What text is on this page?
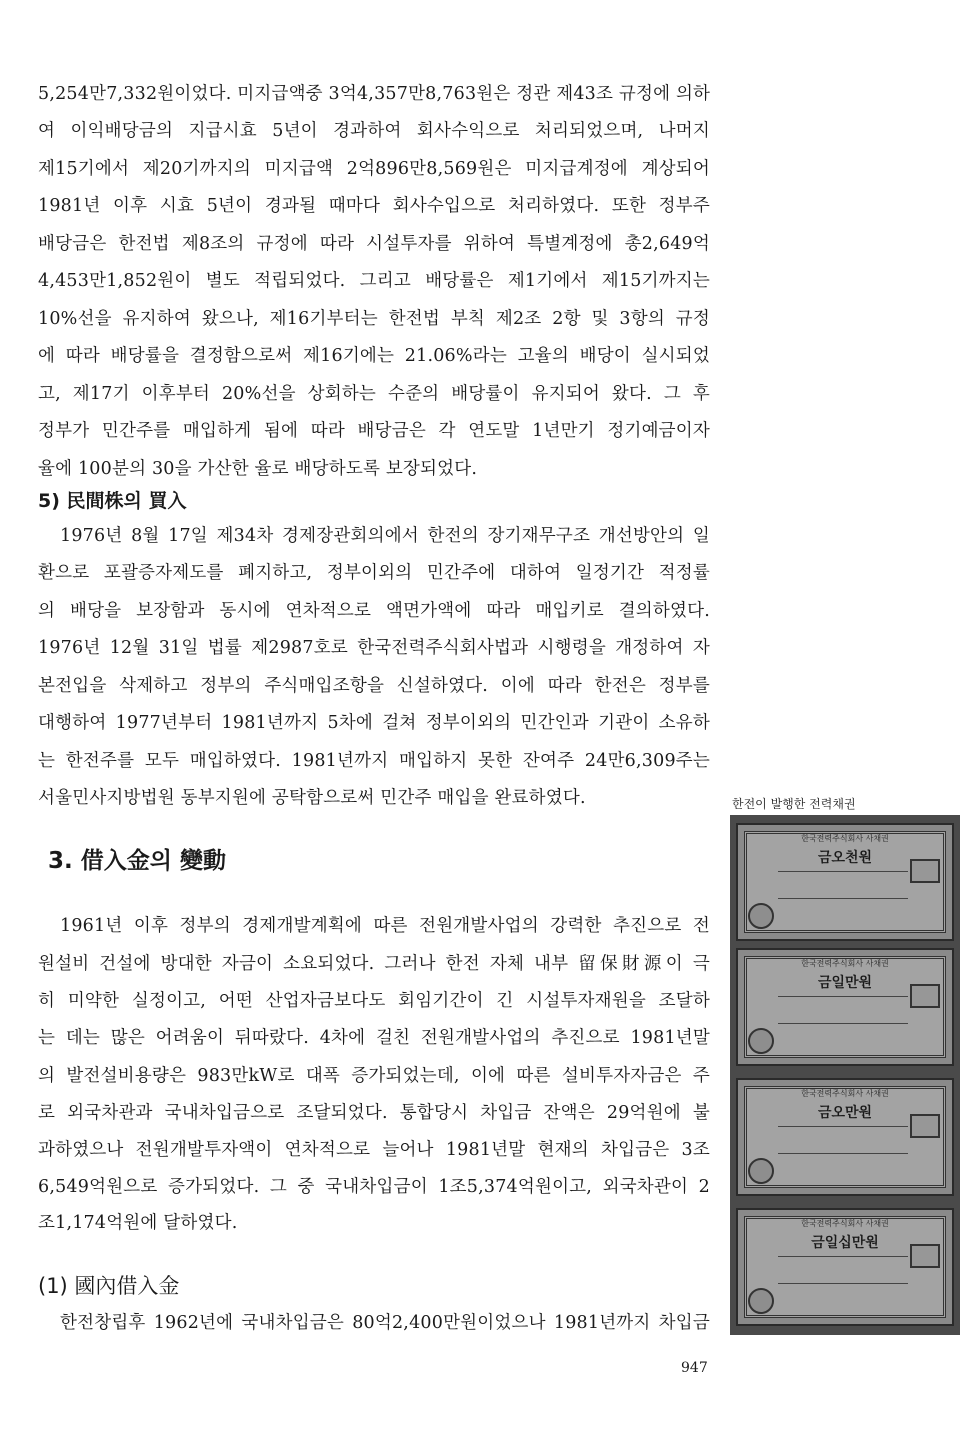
5,254만7,332원이었다. 미지급액중 3억4,357만8,763원은 정관 제43조 규정에 의하
여 이익배당금의 지급시효 5년이 경과하여 회사수익으로 처리되었으며, 나머지
제15기에서 제20기까지의 미지급액 2억896만8,569원은 미지급계정에 계상되어
1981년 이후 시효 5년이 경과될 때마다 회사수입으로 처리하였다. 또한 정부주
배당금은 한전법 제8조의 규정에 따라 시설투자를 위하여 특별계정에 총2,649억
4,453만1,852원이 별도 적립되었다. 그리고 배당률은 제1기에서 제15기까지는
10%선을 유지하여 왔으나, 제16기부터는 한전법 부칙 제2조 2항 및 3항의 규정
에 따라 배당률을 결정함으로써 제16기에는 21.06%라는 고율의 배당이 실시되었
고, 제17기 이후부터 20%선을 상회하는 수준의 배당률이 유지되어 왔다. 그 후
정부가 민간주를 매입하게 됨에 따라 배당금은 각 연도말 1년만기 정기예금이자
율에 100분의 30을 가산한 율로 배당하도록 보장되었다.
5) 民間株의 買入
1976년 8월 17일 제34차 경제장관회의에서 한전의 장기재무구조 개선방안의 일
환으로 포괄증자제도를 폐지하고, 정부이외의 민간주에 대하여 일정기간 적정률
의 배당을 보장함과 동시에 연차적으로 액면가액에 따라 매입키로 결의하였다.
1976년 12월 31일 법률 제2987호로 한국전력주식회사법과 시행령을 개정하여 자
본전입을 삭제하고 정부의 주식매입조항을 신설하였다. 이에 따라 한전은 정부를
대행하여 1977년부터 1981년까지 5차에 걸쳐 정부이외의 민간인과 기관이 소유하
는 한전주를 모두 매입하였다. 1981년까지 매입하지 못한 잔여주 24만6,309주는
서울민사지방법원 동부지원에 공탁함으로써 민간주 매입을 완료하였다.	한전이 발행한 전력채권
3. 借入金의 變動
1961년 이후 정부의 경제개발계획에 따른 전원개발사업의 강력한 추진으로 전
원설비 건설에 방대한 자금이 소요되었다. 그러나 한전 자체 내부 留保財源이 극
히 미약한 실정이고, 어떤 산업자금보다도 회임기간이 긴 시설투자재원을 조달하
는 데는 많은 어려움이 뒤따랐다. 4차에 걸친 전원개발사업의 추진으로 1981년말
의 발전설비용량은 983만kW로 대폭 증가되었는데, 이에 따른 설비투자자금은 주
로 외국차관과 국내차입금으로 조달되었다. 통합당시 차입금 잔액은 29억원에 불
과하였으나 전원개발투자액이 연차적으로 늘어나 1981년말 현재의 차입금은 3조
6,549억원으로 증가되었다. 그 중 국내차입금이 1조5,374억원이고, 외국차관이 2
조1,174억원에 달하였다.
(1) 國內借入金
한전창립후 1962년에 국내차입금은 80억2,400만원이었으나 1981년까지 차입금
한국전력주식회사 사채권
금오천원
한국전력주식회사 사채권
금일만원
한국전력주식회사 사채권
금오만원
한국전력주식회사 사채권
금일십만원
947
